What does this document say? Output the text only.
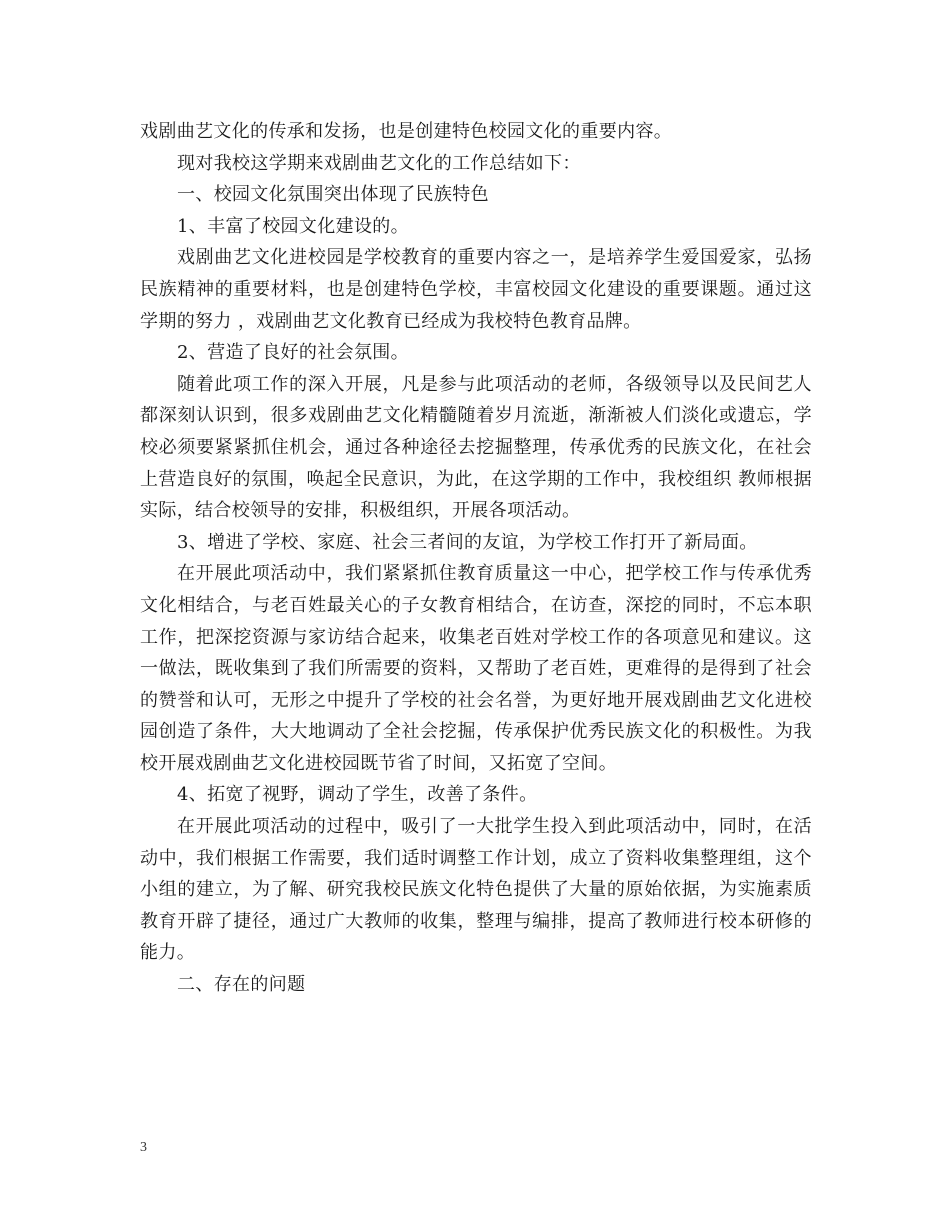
戏剧曲艺文化的传承和发扬，也是创建特色校园文化的重要内容。

现对我校这学期来戏剧曲艺文化的工作总结如下：

一、校园文化氛围突出体现了民族特色

1、丰富了校园文化建设的。

戏剧曲艺文化进校园是学校教育的重要内容之一，是培养学生爱国爱家，弘扬民族精神的重要材料，也是创建特色学校，丰富校园文化建设的重要课题。通过这学期的努力 ，戏剧曲艺文化教育已经成为我校特色教育品牌。

2、营造了良好的社会氛围。

随着此项工作的深入开展，凡是参与此项活动的老师，各级领导以及民间艺人都深刻认识到，很多戏剧曲艺文化精髓随着岁月流逝，渐渐被人们淡化或遗忘，学校必须要紧紧抓住机会，通过各种途径去挖掘整理，传承优秀的民族文化，在社会上营造良好的氛围，唤起全民意识，为此，在这学期的工作中，我校组织 教师根据实际，结合校领导的安排，积极组织，开展各项活动。

3、增进了学校、家庭、社会三者间的友谊，为学校工作打开了新局面。

在开展此项活动中，我们紧紧抓住教育质量这一中心，把学校工作与传承优秀文化相结合，与老百姓最关心的子女教育相结合，在访查，深挖的同时，不忘本职工作，把深挖资源与家访结合起来，收集老百姓对学校工作的各项意见和建议。这一做法，既收集到了我们所需要的资料，又帮助了老百姓，更难得的是得到了社会的赞誉和认可，无形之中提升了学校的社会名誉，为更好地开展戏剧曲艺文化进校园创造了条件，大大地调动了全社会挖掘，传承保护优秀民族文化的积极性。为我校开展戏剧曲艺文化进校园既节省了时间，又拓宽了空间。

4、拓宽了视野，调动了学生，改善了条件。

在开展此项活动的过程中，吸引了一大批学生投入到此项活动中，同时，在活动中，我们根据工作需要，我们适时调整工作计划，成立了资料收集整理组，这个小组的建立，为了解、研究我校民族文化特色提供了大量的原始依据，为实施素质教育开辟了捷径，通过广大教师的收集，整理与编排，提高了教师进行校本研修的能力。

二、存在的问题

3
